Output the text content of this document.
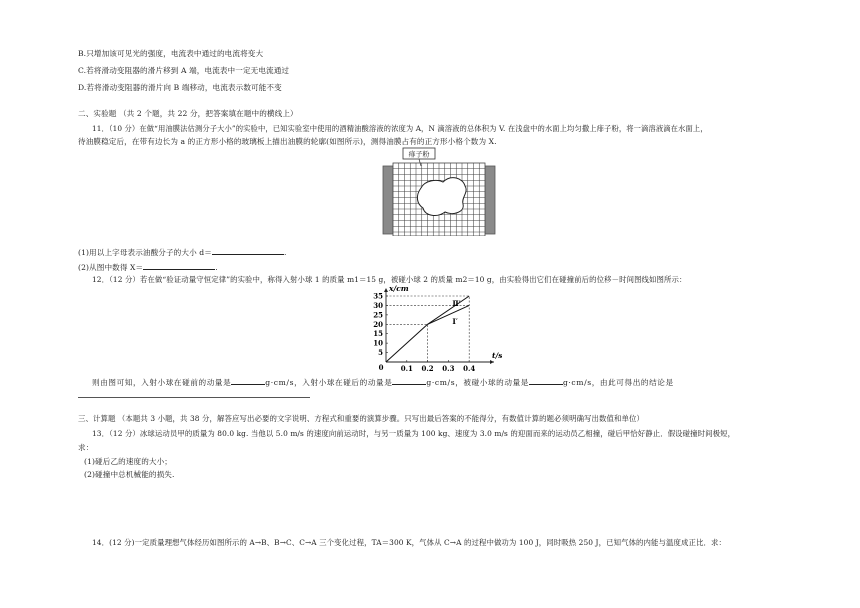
B.只增加该可见光的强度，电流表中通过的电流将变大
C.若将滑动变阻器的滑片移到 A 端，电流表中一定无电流通过
D.若将滑动变阻器的滑片向 B 端移动，电流表示数可能不变
二、实验题 （共 2 个题，共 22 分，把答案填在题中的横线上）
11．（10 分）在做“用油膜法估测分子大小”的实验中，已知实验室中使用的酒精油酸溶液的浓度为 A，N 滴溶液的总体积为 V. 在浅盘中的水面上均匀撒上痱子粉，将一滴溶液滴在水面上，
待油膜稳定后，在带有边长为 a 的正方形小格的玻璃板上描出油膜的轮廓(如图所示)，测得油膜占有的正方形小格个数为 X.
痱子粉
(1)用以上字母表示油酸分子的大小 d＝	.
(2)从图中数得 X＝	.
12．（12 分）若在做“验证动量守恒定律”的实验中，称得入射小球 1 的质量 m1＝15 g，被碰小球 2 的质量 m2＝10 g，由实验得出它们在碰撞前后的位移－时间图线如图所示：
5
10
15
20
25
30
35
0.1 0.2 0.3 0.4
0
t/s
x/cm
Ⅱ′
Ⅰ′
则由图可知，入射小球在碰前的动量是	g·cm/s，入射小球在碰后的动量是	g·cm/s，被碰小球的动量是	g·cm/s，由此可得出的结论是
三、计算题 （本题共 3 小题，共 38 分，解答应写出必要的文字说明、方程式和重要的演算步骤。只写出最后答案的不能得分，有数值计算的题必须明确写出数值和单位）
13．（12 分）冰球运动员甲的质量为 80.0 kg. 当他以 5.0 m/s 的速度向前运动时，与另一质量为 100 kg、速度为 3.0 m/s 的迎面而来的运动员乙相撞，碰后甲恰好静止．假设碰撞时间极短，
求：
(1)碰后乙的速度的大小；
(2)碰撞中总机械能的损失.
14．(12 分)一定质量理想气体经历如图所示的 A→B、B→C、C→A 三个变化过程，TA＝300 K，气体从 C→A 的过程中做功为 100 J，同时吸热 250 J，已知气体的内能与温度成正比．求：
